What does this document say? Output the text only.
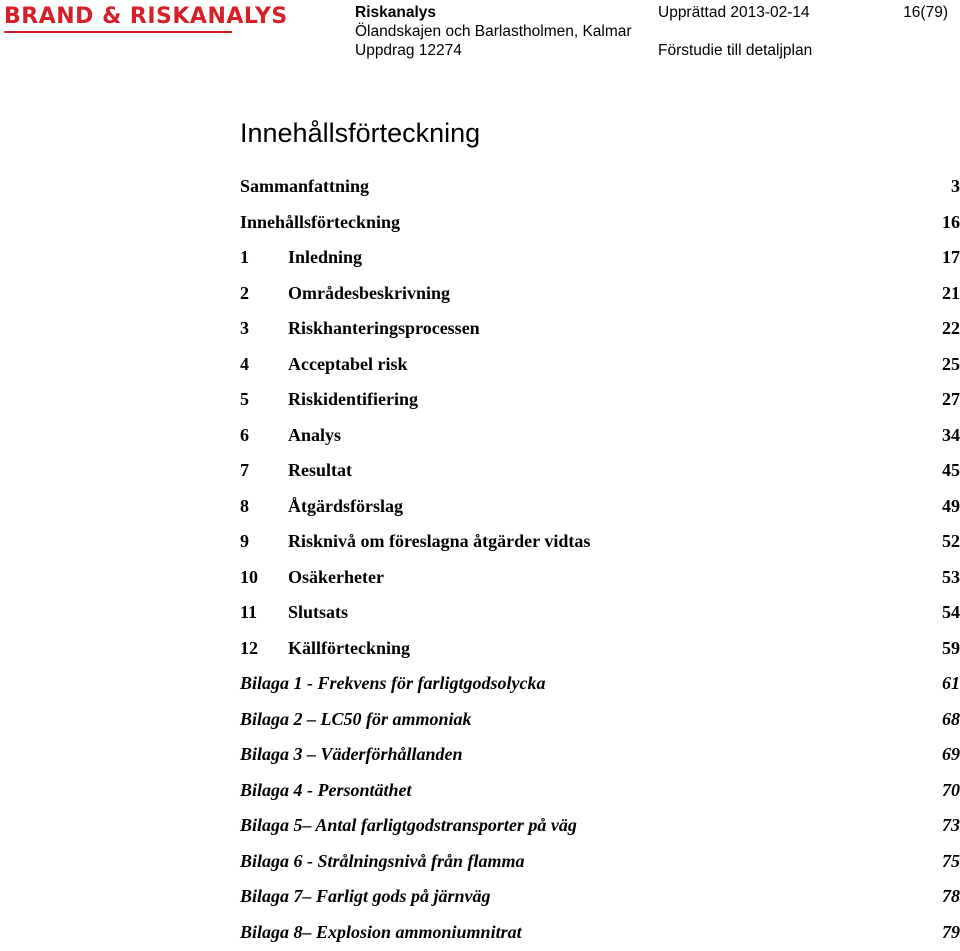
BRAND & RISKANALYS	Riskanalys
Ölandskajen och Barlastholmen, Kalmar
Uppdrag 12274
Upprättad 2013-02-14
Förstudie till detaljplan
16(79)
Innehållsförteckning
Sammanfattning	3
Innehållsförteckning	16
1 Inledning	17
2 Områdesbeskrivning	21
3 Riskhanteringsprocessen	22
4 Acceptabel risk	25
5 Riskidentifiering	27
6 Analys	34
7 Resultat	45
8 Åtgärdsförslag	49
9 Risknivå om föreslagna åtgärder vidtas	52
10 Osäkerheter	53
11 Slutsats	54
12 Källförteckning	59
Bilaga 1 - Frekvens för farligtgodsolycka	61
Bilaga 2 – LC50 för ammoniak	68
Bilaga 3 – Väderförhållanden	69
Bilaga 4 - Persontäthet	70
Bilaga 5– Antal farligtgodstransporter på väg	73
Bilaga 6 - Strålningsnivå från flamma	75
Bilaga 7– Farligt gods på järnväg	78
Bilaga 8– Explosion ammoniumnitrat	79
